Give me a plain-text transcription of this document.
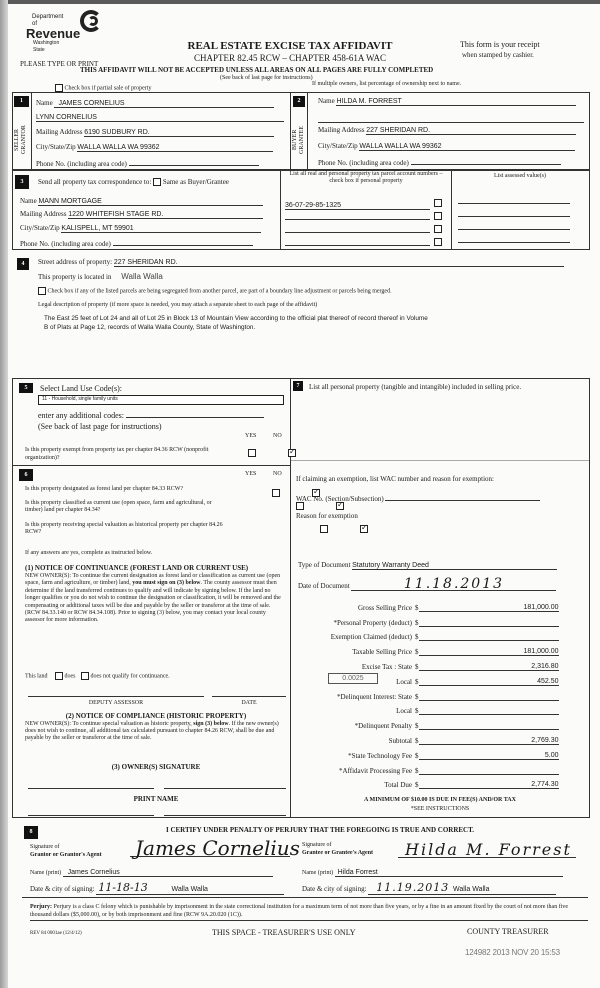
Department of
Revenue
Washington State	REAL ESTATE EXCISE TAX AFFIDAVIT
CHAPTER 82.45 RCW – CHAPTER 458-61A WAC
This form is your receipt
when stamped by cashier.
PLEASE TYPE OR PRINT
THIS AFFIDAVIT WILL NOT BE ACCEPTED UNLESS ALL AREAS ON ALL PAGES ARE FULLY COMPLETED
(See back of last page for instructions)
Check box if partial sale of property
If multiple owners, list percentage of ownership next to name.
1
SELLER
GRANTOR
Name JAMES CORNELIUS
LYNN CORNELIUS
Mailing Address 6190 SUDBURY RD.
City/State/Zip WALLA WALLA WA 99362
Phone No. (including area code)
2
BUYER
GRANTEE
Name HILDA M. FORREST
Mailing Address 227 SHERIDAN RD.
City/State/Zip WALLA WALLA WA 99362
Phone No. (including area code)
3	Send all property tax correspondence to: Same as Buyer/Grantee
Name MANN MORTGAGE
Mailing Address 1220 WHITEFISH STAGE RD.
City/State/Zip KALISPELL, MT 59901
Phone No. (including area code)
List all real and personal property tax parcel account numbers – check box if personal property
List assessed value(s)
36-07-29-85-1325

4	Street address of property: 227 SHERIDAN RD.
This property is located in Walla Walla
Check box if any of the listed parcels are being segregated from another parcel, are part of a boundary line adjustment or parcels being merged.
Legal description of property (if more space is needed, you may attach a separate sheet to each page of the affidavit)
The East 25 feet of Lot 24 and all of Lot 25 in Block 13 of Mountain View according to the official plat thereof of record thereof in Volume
B of Plats at Page 12, records of Walla Walla County, State of Washington.
5	Select Land Use Code(s):
11 - Household, single family units
enter any additional codes:
(See back of last page for instructions)
YES	NO
Is this property exempt from property tax per chapter 84.36 RCW (nonprofit organization)?
✓
6	YES	NO
Is this property designated as forest land per chapter 84.33 RCW?
✓
Is this property classified as current use (open space, farm and agricultural, or timber) land per chapter 84.34?
✓
Is this property receiving special valuation as historical property per chapter 84.26 RCW?
✓
If any answers are yes, complete as instructed below.
(1) NOTICE OF CONTINUANCE (FOREST LAND OR CURRENT USE)
NEW OWNER(S): To continue the current designation as forest land or classification as current use (open space, farm and agriculture, or timber) land, you must sign on (3) below. The county assessor must then determine if the land transferred continues to qualify and will indicate by signing below. If the land no longer qualifies or you do not wish to continue the designation or classification, it will be removed and the compensating or additional taxes will be due and payable by the seller or transferor at the time of sale. (RCW 84.33.140 or RCW 84.34.108). Prior to signing (3) below, you may contact your local county assessor for more information.
This land	does	does not qualify for continuance.
DEPUTY ASSESSOR	DATE
(2) NOTICE OF COMPLIANCE (HISTORIC PROPERTY)
NEW OWNER(S): To continue special valuation as historic property, sign (3) below. If the new owner(s) does not wish to continue, all additional tax calculated pursuant to chapter 84.26 RCW, shall be due and payable by the seller or transferor at the time of sale.
(3) OWNER(S) SIGNATURE
PRINT NAME
7	List all personal property (tangible and intangible) included in selling price.
If claiming an exemption, list WAC number and reason for exemption:
WAC No. (Section/Subsection)
Reason for exemption
Type of Document Statutory Warranty Deed
Date of Document	11.18.2013
Gross Selling Price $	181,000.00
*Personal Property (deduct) $
Exemption Claimed (deduct) $
Taxable Selling Price $	181,000.00
Excise Tax : State $	2,316.80
0.0025	Local $	452.50
*Delinquent Interest: State $
Local $
*Delinquent Penalty $
Subtotal $	2,769.30
*State Technology Fee $	5.00
*Affidavit Processing Fee $
Total Due $	2,774.30
A MINIMUM OF $10.00 IS DUE IN FEE(S) AND/OR TAX
*SEE INSTRUCTIONS
8	I CERTIFY UNDER PENALTY OF PERJURY THAT THE FOREGOING IS TRUE AND CORRECT.
Signature of
Grantor or Grantor's Agent James Cornelius
Name (print) James Cornelius
Date & city of signing: 11-18-13	Walla Walla
Signature of
Grantee or Grantee's Agent Hilda M. Forrest
Name (print) Hilda Forrest
Date & city of signing: 11.19.2013 Walla Walla
Perjury: Perjury is a class C felony which is punishable by imprisonment in the state correctional institution for a maximum term of not more than five years, or by a fine in an amount fixed by the court of not more than five thousand dollars ($5,000.00), or by both imprisonment and fine (RCW 9A.20.020 (1C)).
REV 84 0001ae (12/4/12)	THIS SPACE - TREASURER'S USE ONLY	COUNTY TREASURER
124982 2013 NOV 20 15:53
